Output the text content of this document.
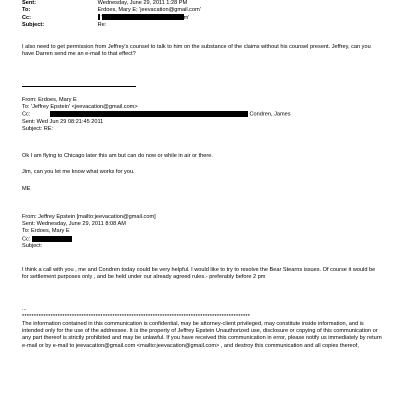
Sent:	Wednesday, June 29, 2011 1:28 PM
To:	Erdoes, Mary E; 'jeevacation@gmail.com'
Cc:	m'
Subject:	Re:

I also need to get permission from Jeffrey's counsel to talk to him on the substance of the claims without his counsel present. Jeffrey, can you have Darren send me an e-mail to that effect?

From: Erdoes, Mary E
To: 'Jeffrey Epstein' <jeevacation@gmail.com>
Cc:	Condren, James
Sent: Wed Jun 29 08:21:45 2011
Subject: RE:

Ok I am flying to Chicago later this am but can do now or while in air or there.

Jim, can you let me know what works for you.

ME

From: Jeffrey Epstein [mailto:jeevacation@gmail.com]
Sent: Wednesday, June 29, 2011 8:08 AM
To: Erdoes, Mary E
Cc:
Subject:

I think a call with you , me and Condren today could be very helpful. I would like to try to resolve the Bear Stearns issues. Of course it would be for settlement purposes only , and be held under our already agreed rules.- preferably before 2 pm

...

************************************************************************************************

The information contained in this communication is confidential, may be attorney-client privileged, may constitute inside information, and is intended only for the use of the addressee. It is the property of Jeffrey Epstein Unauthorized use, disclosure or copying of this communication or any part thereof is strictly prohibited and may be unlawful. If you have received this communication in error, please notify us immediately by return e-mail or by e-mail to jeevacation@gmail.com <mailto:jeevacation@gmail.com> , and destroy this communication and all copies thereof,
